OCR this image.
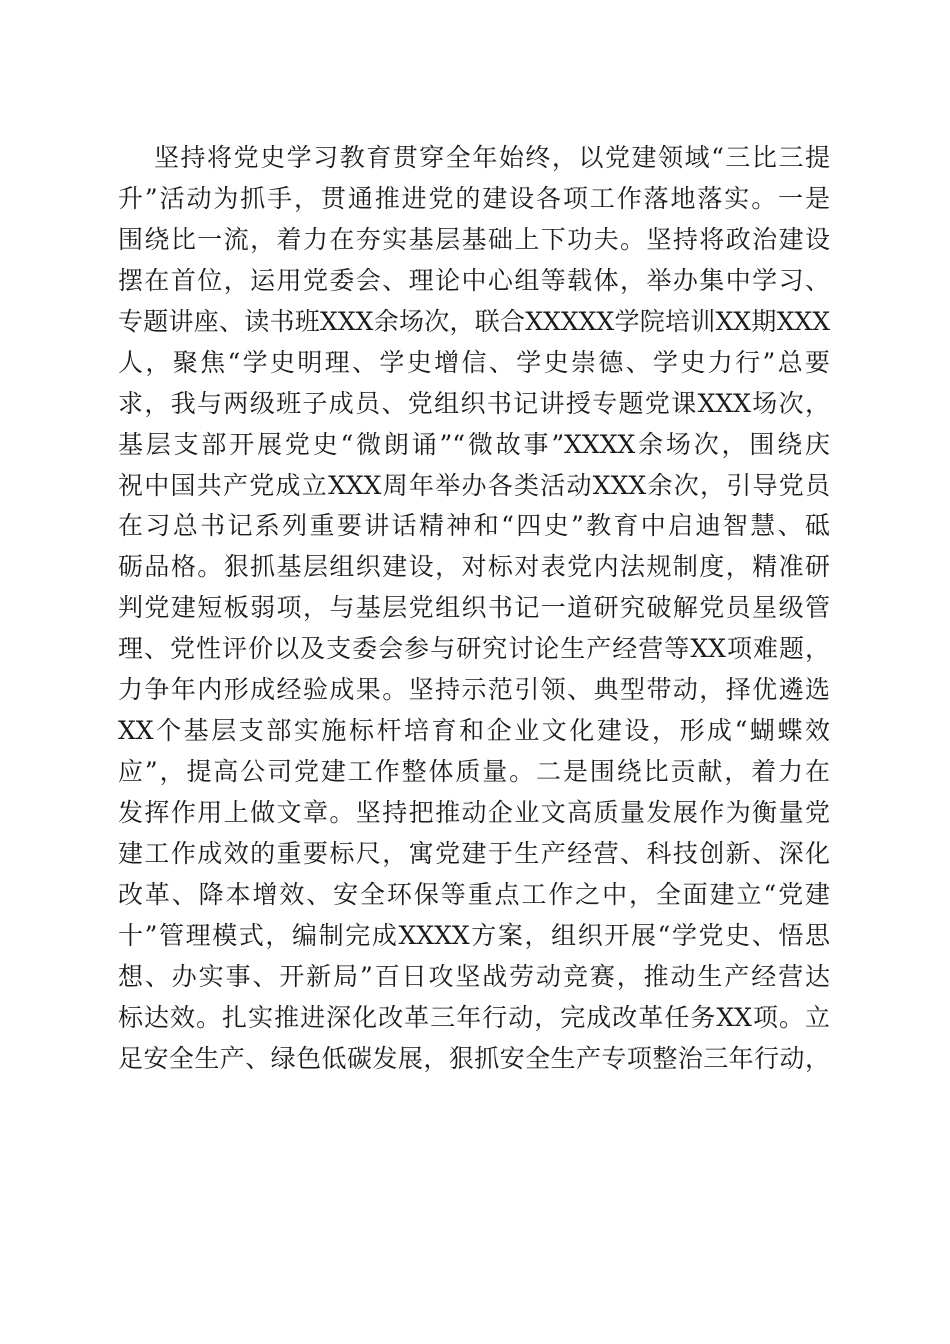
坚持将党史学习教育贯穿全年始终，以党建领域“三比三提
升”活动为抓手，贯通推进党的建设各项工作落地落实。一是
围绕比一流，着力在夯实基层基础上下功夫。坚持将政治建设
摆在首位，运用党委会、理论中心组等载体，举办集中学习、
专题讲座、读书班XXX余场次，联合XXXXX学院培训XX期XXX
人，聚焦“学史明理、学史增信、学史崇德、学史力行”总要
求，我与两级班子成员、党组织书记讲授专题党课XXX场次，
基层支部开展党史“微朗诵”“微故事”XXXX余场次，围绕庆
祝中国共产党成立XXX周年举办各类活动XXX余次，引导党员
在习总书记系列重要讲话精神和“四史”教育中启迪智慧、砥
砺品格。狠抓基层组织建设，对标对表党内法规制度，精准研
判党建短板弱项，与基层党组织书记一道研究破解党员星级管
理、党性评价以及支委会参与研究讨论生产经营等XX项难题，
力争年内形成经验成果。坚持示范引领、典型带动，择优遴选
XX个基层支部实施标杆培育和企业文化建设，形成“蝴蝶效
应”，提高公司党建工作整体质量。二是围绕比贡献，着力在
发挥作用上做文章。坚持把推动企业文高质量发展作为衡量党
建工作成效的重要标尺，寓党建于生产经营、科技创新、深化
改革、降本增效、安全环保等重点工作之中，全面建立“党建
十”管理模式，编制完成XXXX方案，组织开展“学党史、悟思
想、办实事、开新局”百日攻坚战劳动竞赛，推动生产经营达
标达效。扎实推进深化改革三年行动，完成改革任务XX项。立
足安全生产、绿色低碳发展，狠抓安全生产专项整治三年行动，
